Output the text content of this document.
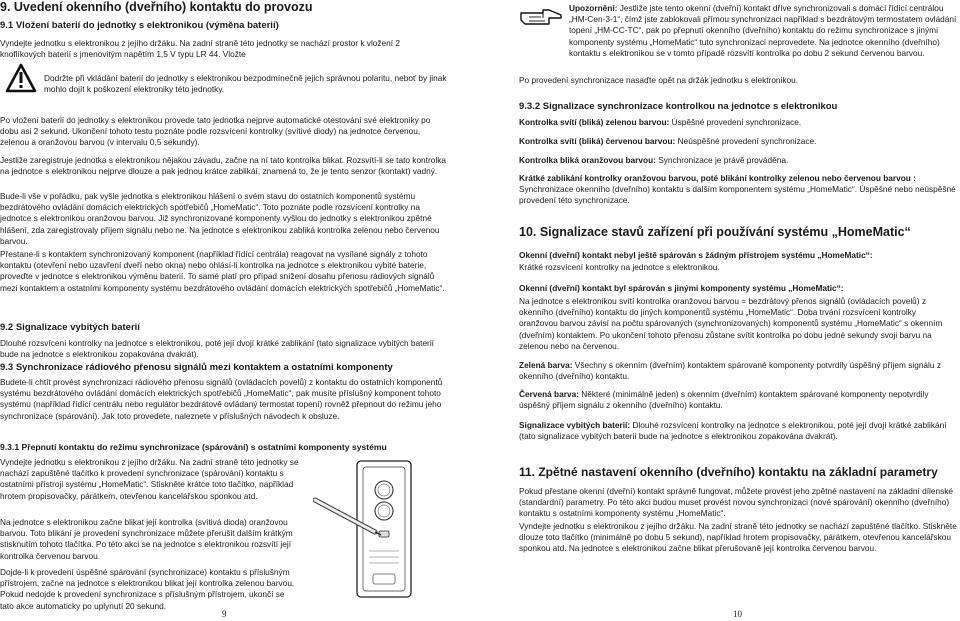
9. Uvedení okenního (dveřního) kontaktu do provozu
9.1 Vložení baterií do jednotky s elektronikou (výměna baterií)

Vyndejte jednotku s elektronikou z jejího držáku. Na zadní straně této jednotky se nachází prostor k vložení 2 knoflíkových baterií s jmenovitým napětím 1,5 V typu LR 44. Vložte

Dodržte při vkládání baterií do jednotky s elektronikou bezpodmínečně jejich správnou polaritu, neboť by jinak mohlo dojít k poškození elektroniky této jednotky.

Po vložení baterií do jednotky s elektronikou provede tato jednotka nejprve automatické otestování své elektroniky po dobu asi 2 sekund. Ukončení tohoto testu poznáte podle rozsvícení kontrolky (svítivé diody) na jednotce červenou, zelenou a oranžovou barvou (v intervalu 0,5 sekundy).

Jestliže zaregistruje jednotka s elektronikou nějakou závadu, začne na ní tato kontrolka blikat. Rozsvítí-li se tato kontrolka na jednotce s elektronikou nejprve dlouze a pak jednou krátce zablikáí, znamená to, že je tento senzor (kontakt) vadný.

Bude-li vše v pořádku, pak vyšle jednotka s elektronikou hlášení o svém stavu do ostatních komponentů systému bezdrátového ovládání domácích elektrických spotřebičů „HomeMatic“. Toto poznáte podle rozsvícení kontrolky na jednotce s elektronikou oranžovou barvou. Již synchronizované komponenty vyšlou do jednotky s elektronikou zpětné hlášení, zda zaregistrovaly příjem signálu nebo ne. Na jednotce s elektronikou zabliká kontrolka zelenou nebo červenou barvou.

Přestane-li s kontaktem synchronizovaný komponent (například řídící centrála) reagovat na vysílané signály z tohoto kontaktu (otevření nebo uzavření dveří nebo okna) nebo ohlásí-li kontrolka na jednotce s elektronikou vybité baterie, proveďte v jednotce s elektronikou výměnu baterií. To samé platí pro případ snížení dosahu přenosu rádiových signálů mezi kontaktem a ostatními komponenty systému bezdrátového ovládání domácích elektrických spotřebičů „HomeMatic“.

9.2 Signalizace vybitých baterií

Dlouhé rozsvícení kontrolky na jednotce s elektronikou, poté její dvojí krátké zablikání (tato signalizace vybitých baterií bude na jednotce s elektronikou zopakována dvakrát).

9.3 Synchronizace rádiového přenosu signálů mezi kontaktem a ostatními komponenty

Budete-li chtít provést synchronizaci rádiového přenosu signálů (ovládacích povelů) z kontaktu do ostatních komponentů systému bezdrátového ovládání domácích elektrických spotřebičů „HomeMatic“, pak musíte příslušný komponent tohoto systému (například řídící centrálu nebo regulátor bezdrátově ovládaný termostat topení) rovněž přepnout do režimu jeho synchronizace (spárování). Jak toto provedete, naleznete v příslušných návodech k obsluze.

9.3.1 Přepnutí kontaktu do režimu synchronizace (spárování) s ostatními komponenty systému

Vyndejte jednotku s elektronikou z jejího držáku. Na zadní straně této jednotky se nachází zapuštěné tlačítko k provedení synchronizace (spárování) kontaktu s ostatními přístroji systému „HomeMatic“. Stiskněte krátce toto tlačítko, například hrotem propisovačky, párátkem, otevřenou kancelářskou sponkou atd.

Na jednotce s elektronikou začne blikat její kontrolka (svítivá dioda) oranžovou barvou. Toto blikání je provedení synchronizace můžete přerušit dalším krátkým stisknutím tohoto tlačítka. Po této akci se na jednotce s elektronikou rozsvítí její kontrolka červenou barvou.

Dojde-li k provedení úspěšné spárování (synchronizace) kontaktu s příslušným přístrojem, začne na jednotce s elektronikou blikat její kontrolka zelenou barvou. Pokud nedojde k provedení synchronizace s příslušným přístrojem, ukončí se tato akce automaticky po uplynutí 20 sekund.

9

Upozornění: Jestliže jste tento okenní (dveřní) kontakt dříve synchronizovali s domácí řídící centrálou „HM-Cen-3-1“, čímž jste zablokovali přímou synchronizaci například s bezdrátovým termostatem ovládání topení „HM-CC-TC“, pak po přepnutí okenního (dveřního) kontaktu do režimu synchronizace s jinými komponenty systému „HomeMatic“ tuto synchronizaci neprovedete. Na jednotce okenního (dveřního) kontaktu s elektronikou se v tomto případě rozsvítí kontrolka po dobu 2 sekund červenou barvou.

Po provedení synchronizace nasaďte opět na držák jednotku s elektronikou.

9.3.2 Signalizace synchronizace kontrolkou na jednotce s elektronikou

Kontrolka svítí (bliká) zelenou barvou: Úspěšné provedení synchronizace.

Kontrolka svítí (bliká) červenou barvou: Neúspěšné provedení synchronizace.

Kontrolka bliká oranžovou barvou: Synchronizace je právě prováděna.

Krátké zablikání kontrolky oranžovou barvou, poté blikání kontrolky zelenou nebo červenou barvou : Synchronizace okenního (dveřního) kontaktu s dalším komponentem systému „HomeMatic“. Úspěšné nebo neúspěšné provedení této synchronizace.

10. Signalizace stavů zařízení při používání systému „HomeMatic“

Okenní (dveřní) kontakt nebyl ještě spárován s žádným přístrojem systému „HomeMatic“:

Krátké rozsvícení kontrolky na jednotce s elektronikou.

Okenní (dveřní) kontakt byl spárován s jinými komponenty systému „HomeMatic“:

Na jednotce s elektronikou svítí kontrolka oranžovou barvou = bezdrátový přenos signálů (ovládacích povelů) z okenního (dveřního) kontaktu do jiných komponentů systému „HomeMatic“. Doba trvání rozsvícení kontrolky oranžovou barvou závisí na počtu spárovaných (synchronizovaných) komponentů systému „HomeMatic“ s okenním (dveřním) kontaktem. Po ukončení tohoto přenosu zůstane svítit kontrolka po dobu jedné sekundy svoji barvu na zelenou nebo na červenou.

Zelená barva: Všechny s okenním (dveřním) kontaktem spárované komponenty potvrdily úspěšný příjem signálu z okenního (dveřního) kontaktu.

Červená barva: Některé (minimálně jeden) s okenním (dveřním) kontaktem spárované komponenty nepotvrdily úspěšný příjem signálu z okenního (dveřního) kontaktu.

Signalizace vybitých baterií: Dlouhé rozsvícení kontrolky na jednotce s elektronikou, poté její dvojí krátké zablikání (tato signalizace vybitých baterií bude na jednotce s elektronikou zopakována dvakrát).

11. Zpětné nastavení okenního (dveřního) kontaktu na základní parametry

Pokud přestane okenní (dveřní) kontakt správně fungovat, můžete provést jeho zpětné nastavení na základní dílenské (standardní) parametry. Po této akci budou muset provést novou synchronizaci (nové spárování) okenního (dveřního) kontaktu s ostatními komponenty systému „HomeMatic“.

Vyndejte jednotku s elektronikou z jejího držáku. Na zadní straně této jednotky se nachází zapuštěné tlačítko. Stiskněte dlouze toto tlačítko (minimálně po dobu 5 sekund), například hrotem propisovačky, párátkem, otevřenou kancelářskou sponkou atd. Na jednotce s elektronikou začne blikat přerušovaně její kontrolka červenou barvou.

10
